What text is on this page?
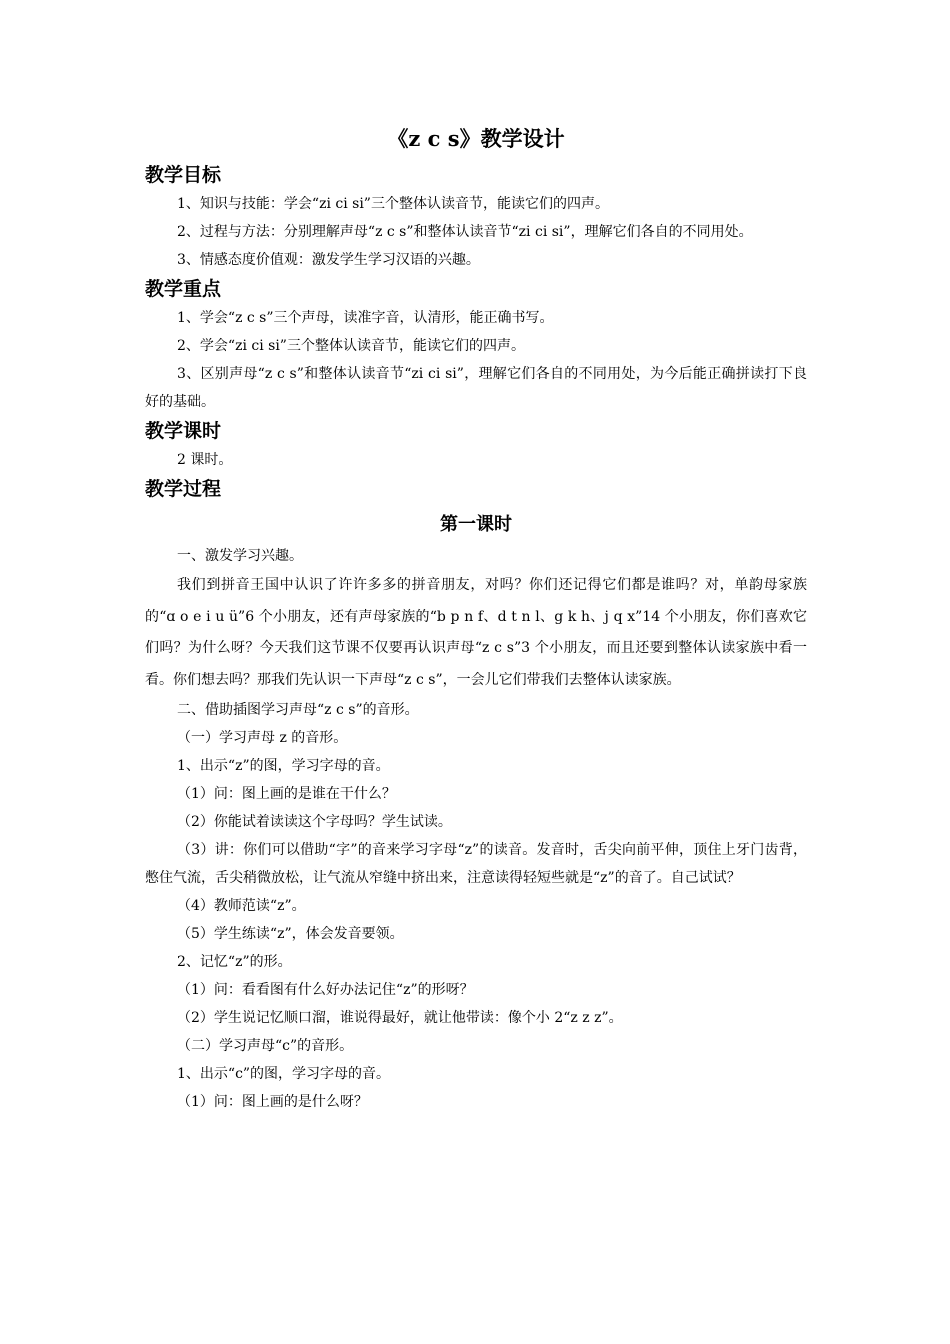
《z c s》教学设计
教学目标

1、知识与技能：学会“zi ci si”三个整体认读音节，能读它们的四声。

2、过程与方法：分别理解声母“z c s”和整体认读音节“zi ci si”，理解它们各自的不同用处。

3、情感态度价值观：激发学生学习汉语的兴趣。

教学重点

1、学会“z c s”三个声母，读准字音，认清形，能正确书写。

2、学会“zi ci si”三个整体认读音节，能读它们的四声。

3、区别声母“z c s”和整体认读音节“zi ci si”，理解它们各自的不同用处，为今后能正确拼读打下良好的基础。

教学课时

2 课时。

教学过程
第一课时

一、激发学习兴趣。

我们到拼音王国中认识了许许多多的拼音朋友，对吗？你们还记得它们都是谁吗？对，单韵母家族的“ɑ o e i u ü”6 个小朋友，还有声母家族的“b p n f、d t n l、g k h、j q x”14 个小朋友，你们喜欢它们吗？为什么呀？今天我们这节课不仅要再认识声母“z c s”3 个小朋友，而且还要到整体认读家族中看一看。你们想去吗？那我们先认识一下声母“z c s”，一会儿它们带我们去整体认读家族。

二、借助插图学习声母“z c s”的音形。

（一）学习声母 z 的音形。

1、出示“z”的图，学习字母的音。

（1）问：图上画的是谁在干什么？

（2）你能试着读读这个字母吗？学生试读。

（3）讲：你们可以借助“字”的音来学习字母“z”的读音。发音时，舌尖向前平伸，顶住上牙门齿背，憋住气流，舌尖稍微放松，让气流从窄缝中挤出来，注意读得轻短些就是“z”的音了。自己试试？

（4）教师范读“z”。

（5）学生练读“z”，体会发音要领。

2、记忆“z”的形。

（1）问：看看图有什么好办法记住“z”的形呀？

（2）学生说记忆顺口溜，谁说得最好，就让他带读：像个小 2“z z z”。

（二）学习声母“c”的音形。

1、出示“c”的图，学习字母的音。

（1）问：图上画的是什么呀？
